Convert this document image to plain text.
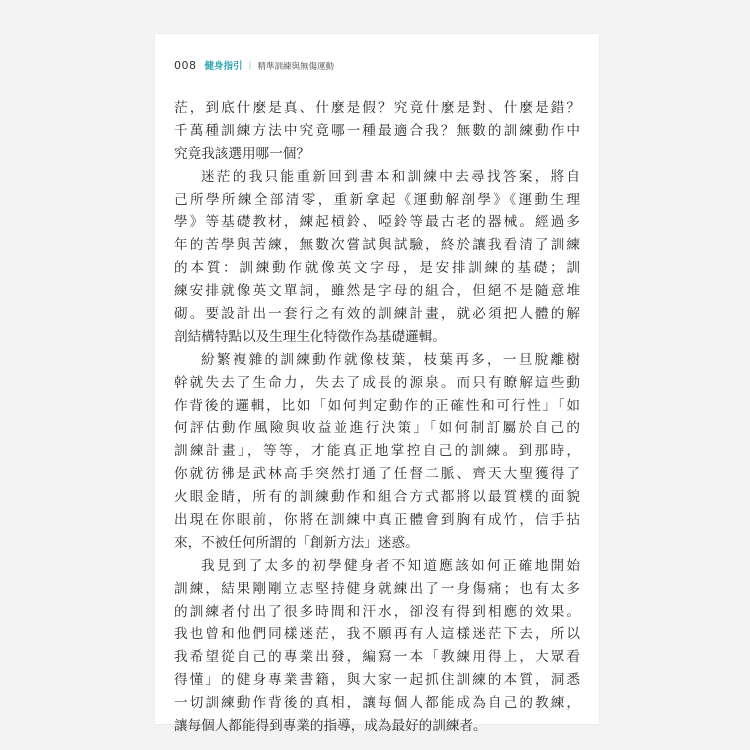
008 健身指引 ｜ 精準訓練與無傷運動
茫，到底什麼是真、什麼是假？究竟什麼是對、什麼是錯？
千萬種訓練方法中究竟哪一種最適合我？無數的訓練動作中
究竟我該選用哪一個？
迷茫的我只能重新回到書本和訓練中去尋找答案，將自
己所學所練全部清零，重新拿起《運動解剖學》《運動生理
學》等基礎教材，練起槓鈴、啞鈴等最古老的器械。經過多
年的苦學與苦練，無數次嘗試與試驗，終於讓我看清了訓練
的本質：訓練動作就像英文字母，是安排訓練的基礎；訓
練安排就像英文單詞，雖然是字母的組合，但絕不是隨意堆
砌。要設計出一套行之有效的訓練計畫，就必須把人體的解
剖結構特點以及生理生化特徵作為基礎邏輯。
紛繁複雜的訓練動作就像枝葉，枝葉再多，一旦脫離樹
幹就失去了生命力，失去了成長的源泉。而只有瞭解這些動
作背後的邏輯，比如「如何判定動作的正確性和可行性」「如
何評估動作風險與收益並進行決策」「如何制訂屬於自己的
訓練計畫」，等等，才能真正地掌控自己的訓練。到那時，
你就彷彿是武林高手突然打通了任督二脈、齊天大聖獲得了
火眼金睛，所有的訓練動作和組合方式都將以最質樸的面貌
出現在你眼前，你將在訓練中真正體會到胸有成竹，信手拈
來，不被任何所謂的「創新方法」迷惑。
我見到了太多的初學健身者不知道應該如何正確地開始
訓練，結果剛剛立志堅持健身就練出了一身傷痛；也有太多
的訓練者付出了很多時間和汗水，卻沒有得到相應的效果。
我也曾和他們同樣迷茫，我不願再有人這樣迷茫下去，所以
我希望從自己的專業出發，編寫一本「教練用得上，大眾看
得懂」的健身專業書籍，與大家一起抓住訓練的本質，洞悉
一切訓練動作背後的真相，讓每個人都能成為自己的教練，
讓每個人都能得到專業的指導，成為最好的訓練者。
